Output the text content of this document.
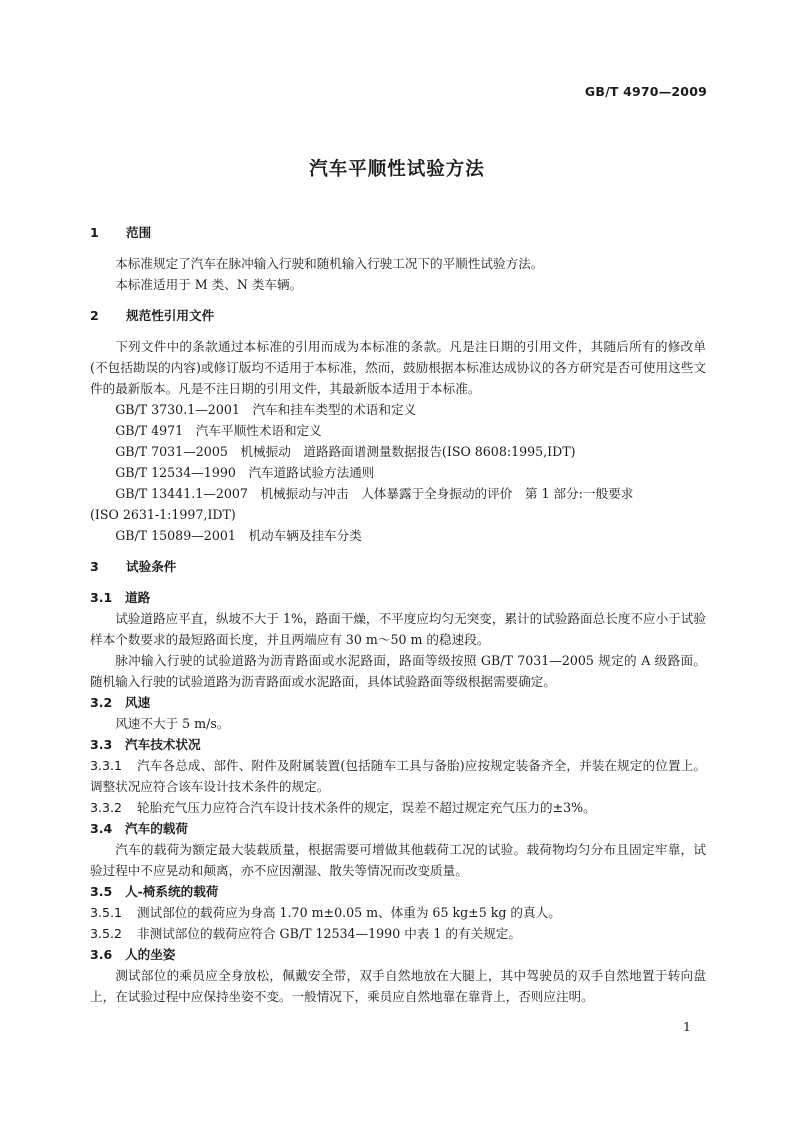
GB/T 4970—2009
汽车平顺性试验方法
1 范围

本标准规定了汽车在脉冲输入行驶和随机输入行驶工况下的平顺性试验方法。

本标准适用于 M 类、N 类车辆。

2 规范性引用文件

下列文件中的条款通过本标准的引用而成为本标准的条款。凡是注日期的引用文件，其随后所有的修改单(不包括勘误的内容)或修订版均不适用于本标准，然而，鼓励根据本标准达成协议的各方研究是否可使用这些文件的最新版本。凡是不注日期的引用文件，其最新版本适用于本标准。

GB/T 3730.1—2001　汽车和挂车类型的术语和定义

GB/T 4971　汽车平顺性术语和定义

GB/T 7031—2005　机械振动　道路路面谱测量数据报告(ISO 8608:1995,IDT)

GB/T 12534—1990　汽车道路试验方法通则

GB/T 13441.1—2007　机械振动与冲击　人体暴露于全身振动的评价　第 1 部分:一般要求

(ISO 2631-1:1997,IDT)

GB/T 15089—2001　机动车辆及挂车分类

3 试验条件
3.1 道路

试验道路应平直，纵坡不大于 1%，路面干燥，不平度应均匀无突变，累计的试验路面总长度不应小于试验样本个数要求的最短路面长度，并且两端应有 30 m～50 m 的稳速段。

脉冲输入行驶的试验道路为沥青路面或水泥路面，路面等级按照 GB/T 7031—2005 规定的 A 级路面。随机输入行驶的试验道路为沥青路面或水泥路面，具体试验路面等级根据需要确定。

3.2 风速

风速不大于 5 m/s。

3.3 汽车技术状况

3.3.1 汽车各总成、部件、附件及附属装置(包括随车工具与备胎)应按规定装备齐全，并装在规定的位置上。调整状况应符合该车设计技术条件的规定。

3.3.2 轮胎充气压力应符合汽车设计技术条件的规定，误差不超过规定充气压力的±3%。

3.4 汽车的载荷

汽车的载荷为额定最大装载质量，根据需要可增做其他载荷工况的试验。载荷物均匀分布且固定牢靠，试验过程中不应晃动和颠离，亦不应因潮湿、散失等情况而改变质量。

3.5 人-椅系统的载荷

3.5.1 测试部位的载荷应为身高 1.70 m±0.05 m、体重为 65 kg±5 kg 的真人。

3.5.2 非测试部位的载荷应符合 GB/T 12534—1990 中表 1 的有关规定。

3.6 人的坐姿

测试部位的乘员应全身放松，佩戴安全带，双手自然地放在大腿上，其中驾驶员的双手自然地置于转向盘上，在试验过程中应保持坐姿不变。一般情况下，乘员应自然地靠在靠背上，否则应注明。

1
